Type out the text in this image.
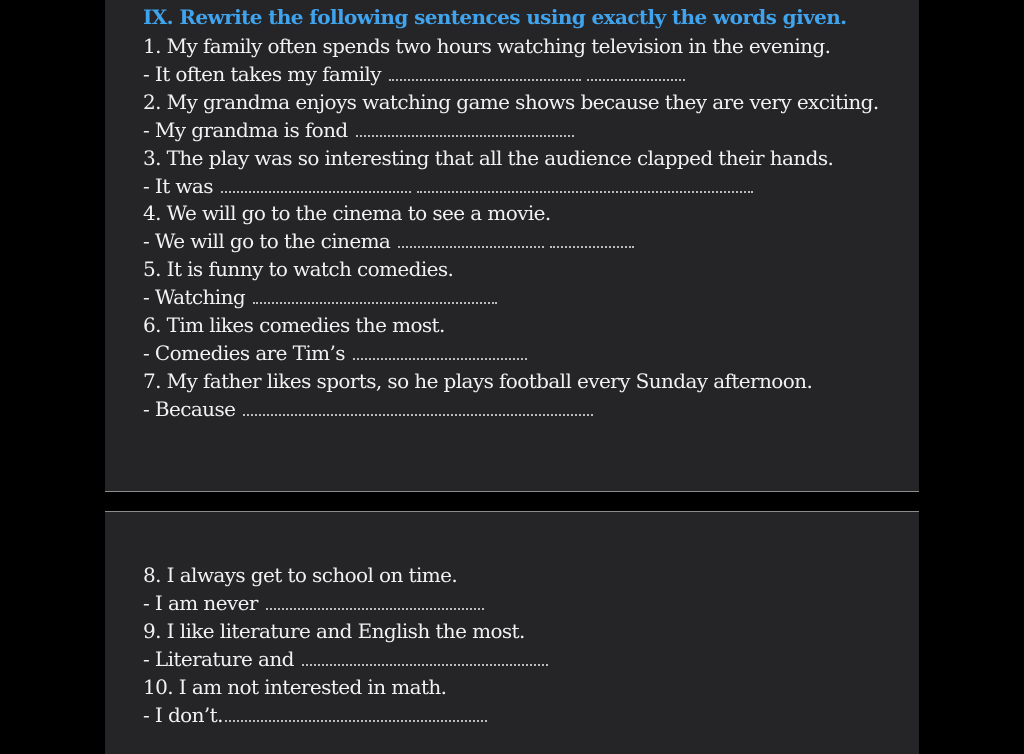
IX. Rewrite the following sentences using exactly the words given.
1. My family often spends two hours watching television in the evening.
- It often takes my family
2. My grandma enjoys watching game shows because they are very exciting.
- My grandma is fond
3. The play was so interesting that all the audience clapped their hands.
- It was
4. We will go to the cinema to see a movie.
- We will go to the cinema
5. It is funny to watch comedies.
- Watching
6. Tim likes comedies the most.
- Comedies are Tim’s
7. My father likes sports, so he plays football every Sunday afternoon.
- Because
8. I always get to school on time.
- I am never
9. I like literature and English the most.
- Literature and
10. I am not interested in math.
- I don’t.
